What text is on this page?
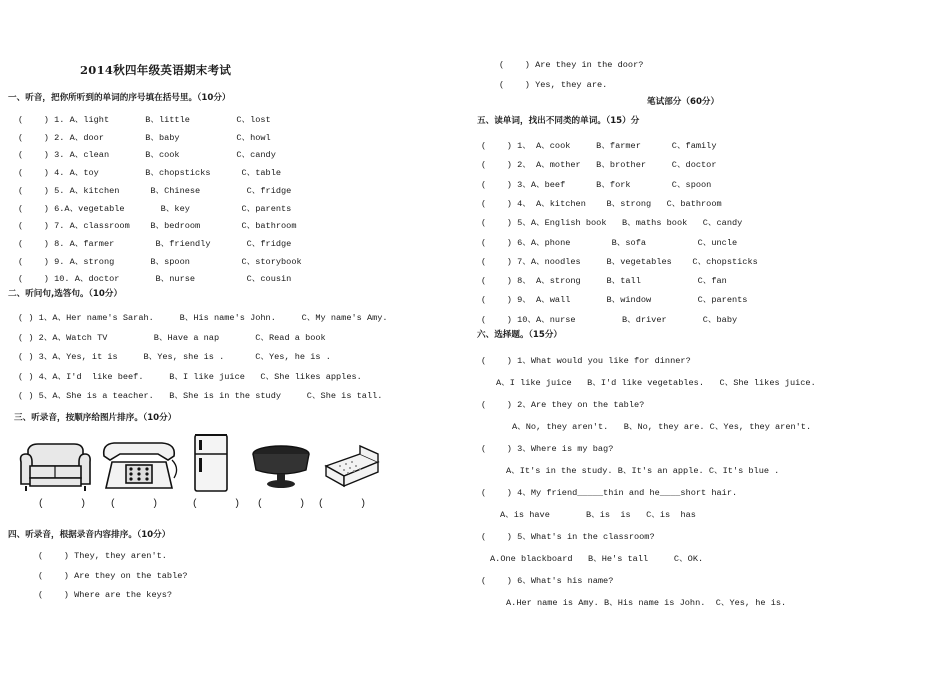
2014秋四年级英语期末考试
一、听音，把你所听到的单词的序号填在括号里。（10分）
(    ) 1. A、light       B、little         C、lost
(    ) 2. A、door        B、baby           C、howl
(    ) 3. A、clean       B、cook           C、candy
(    ) 4. A、toy         B、chopsticks      C、table
(    ) 5. A、kitchen      B、Chinese         C、fridge
(    ) 6.A、vegetable       B、key          C、parents
(    ) 7. A、classroom    B、bedroom        C、bathroom
(    ) 8. A、farmer        B、friendly       C、fridge
(    ) 9. A、strong       B、spoon          C、storybook
(    ) 10. A、doctor       B、nurse          C、cousin
二、听问句,选答句。（10分）
( ) 1、A、Her name's Sarah.     B、His name's John.     C、My name's Amy.
( ) 2、A、Watch TV         B、Have a nap       C、Read a book
( ) 3、A、Yes, it is     B、Yes, she is .      C、Yes, he is .
( ) 4、A、I'd  like beef.     B、I like juice   C、She likes apples.
( ) 5、A、She is a teacher.   B、She is in the study     C、She is tall.
三、听录音，按顺序给图片排序。（10分）
(      ) (      )	(      ) (      ) (      )
四、听录音，根据录音内容排序。（10分）
(    ) They, they aren't.
(    ) Are they on the table?
(    ) Where are the keys?
(    ) Are they in the door?
(    ) Yes, they are.
笔试部分（60分）
五、读单词，找出不同类的单词。（15）分
(    ) 1、 A、cook     B、farmer      C、family
(    ) 2、 A、mother   B、brother     C、doctor
(    ) 3、A、beef      B、fork        C、spoon
(    ) 4、 A、kitchen    B、strong   C、bathroom
(    ) 5、A、English book   B、maths book   C、candy
(    ) 6、A、phone        B、sofa          C、uncle
(    ) 7、A、noodles     B、vegetables    C、chopsticks
(    ) 8、 A、strong     B、tall           C、fan
(    ) 9、 A、wall       B、window         C、parents
(    ) 10、A、nurse         B、driver       C、baby
六、选择题。（15分）
(    ) 1、What would you like for dinner?
A、I like juice   B、I'd like vegetables.   C、She likes juice.
(    ) 2、Are they on the table?
A、No, they aren't.   B、No, they are. C、Yes, they aren't.
(    ) 3、Where is my bag?
A、It's in the study. B、It's an apple. C、It's blue .
(    ) 4、My friend_____thin and he____short hair.
A、is have       B、is  is   C、is  has
(    ) 5、What's in the classroom?
A.One blackboard   B、He's tall     C、OK.
(    ) 6、What's his name?
A.Her name is Amy. B、His name is John.  C、Yes, he is.
